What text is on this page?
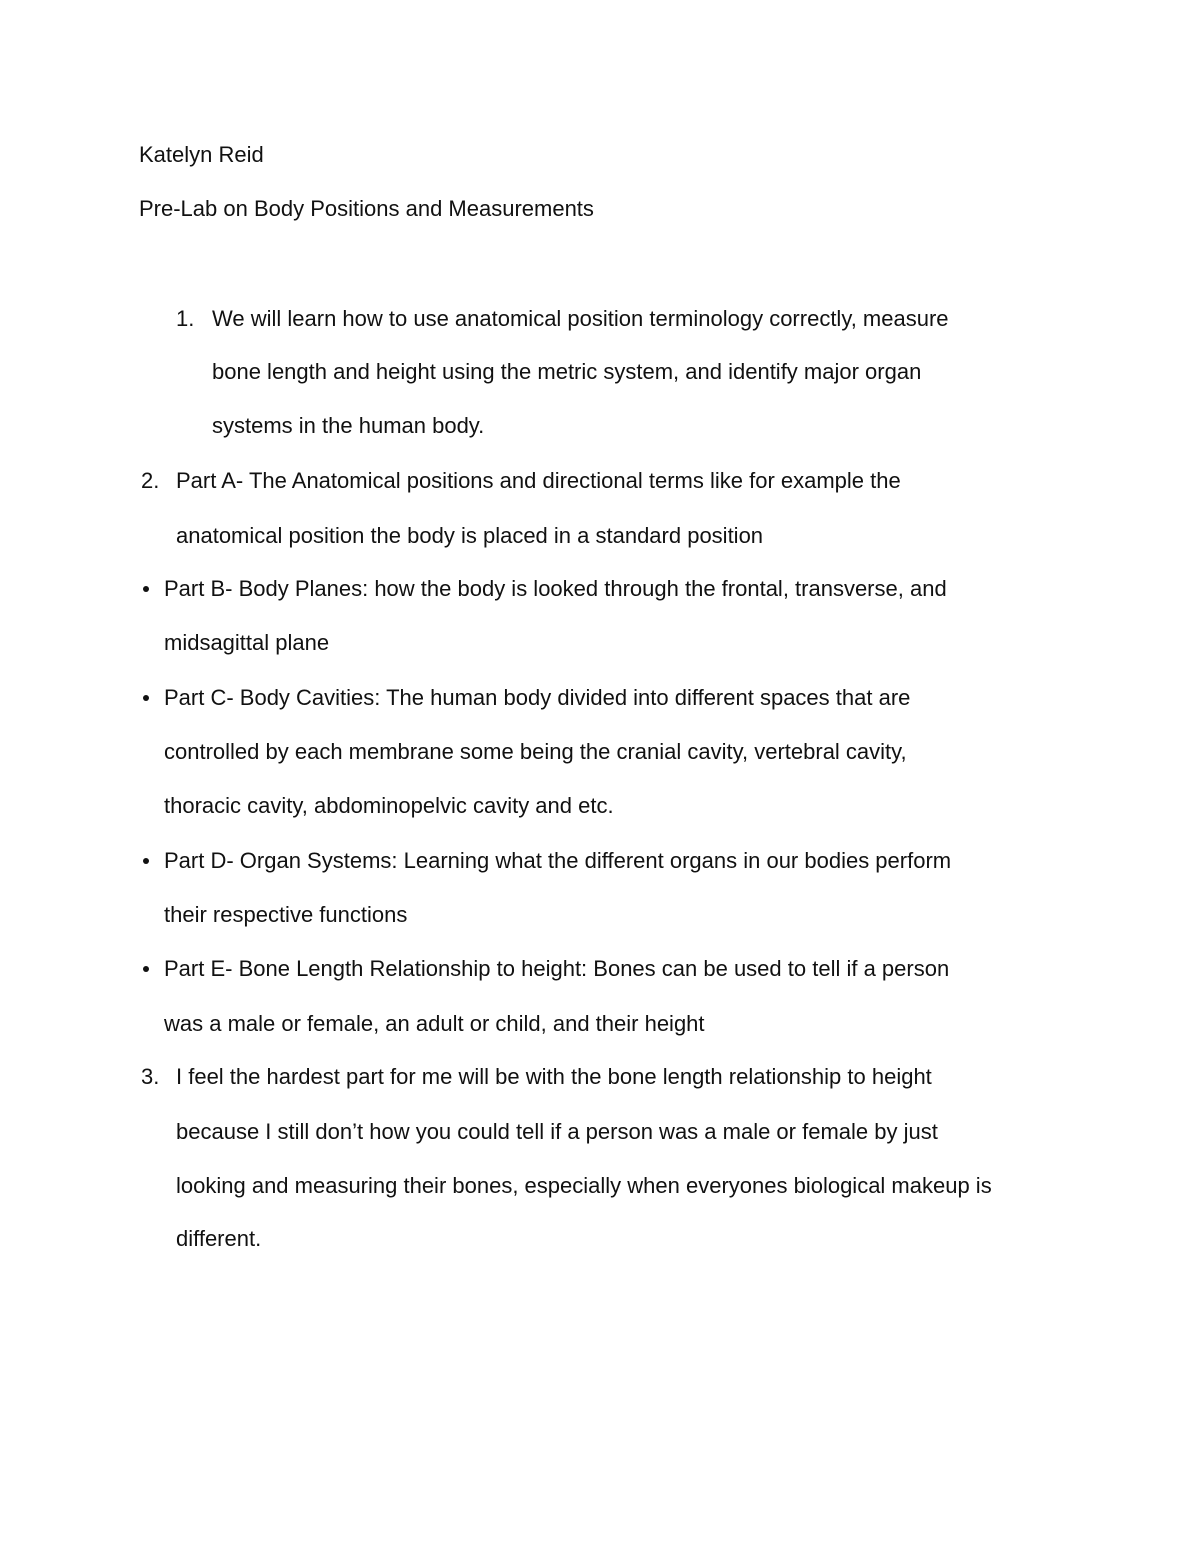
Katelyn Reid
Pre-Lab on Body Positions and Measurements
1. We will learn how to use anatomical position terminology correctly, measure
bone length and height using the metric system, and identify major organ
systems in the human body.
2. Part A- The Anatomical positions and directional terms like for example the
anatomical position the body is placed in a standard position
Part B- Body Planes: how the body is looked through the frontal, transverse, and
midsagittal plane
Part C- Body Cavities: The human body divided into different spaces that are
controlled by each membrane some being the cranial cavity, vertebral cavity,
thoracic cavity, abdominopelvic cavity and etc.
Part D- Organ Systems: Learning what the different organs in our bodies perform
their respective functions
Part E- Bone Length Relationship to height: Bones can be used to tell if a person
was a male or female, an adult or child, and their height
3. I feel the hardest part for me will be with the bone length relationship to height
because I still don’t how you could tell if a person was a male or female by just
looking and measuring their bones, especially when everyones biological makeup is
different.
